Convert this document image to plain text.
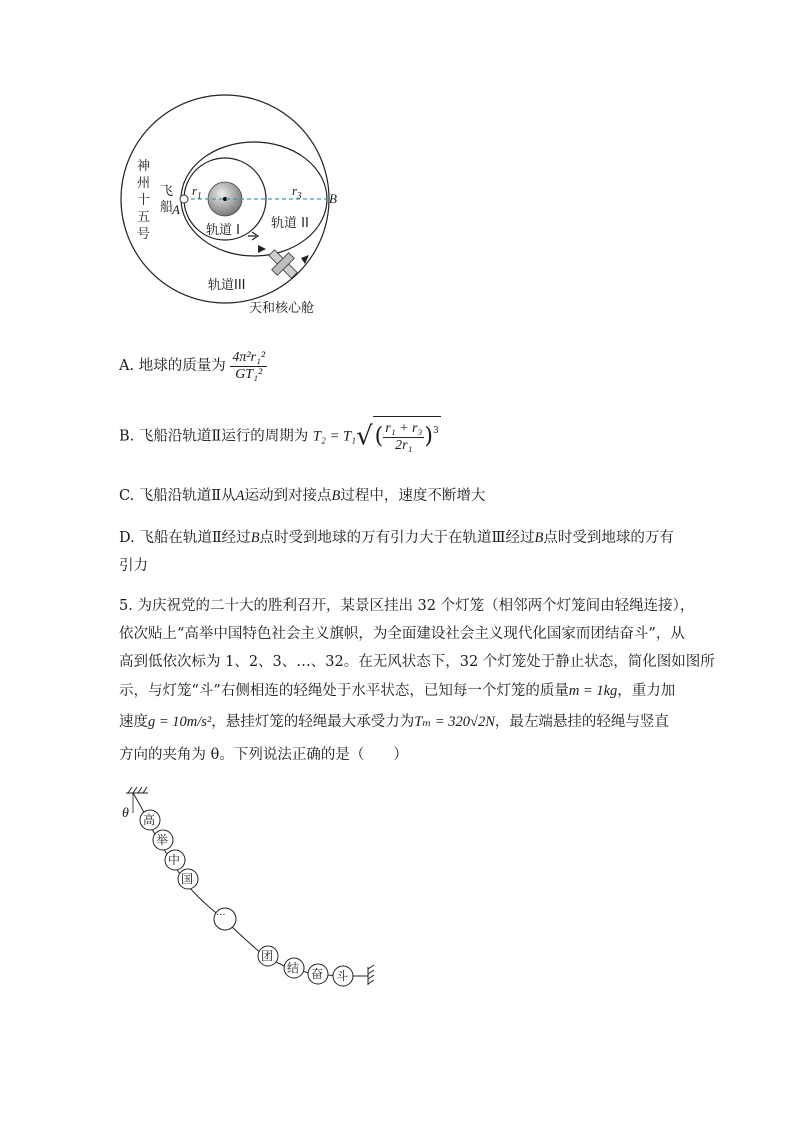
神
州
十
五
号
飞
船
A
B
$r_1$	$r_3$
轨道 I 轨道 II
轨道III
天和核心舱
A. 地球的质量为 $\frac{\text{4π²r₁²}}{\text{GT₁²}}$
B. 飞船沿轨道Ⅱ运行的周期为 $T_2 = T_1√( \frac{\text{r₁ + r₃}}{\text{2r₁}} )^3$
C. 飞船沿轨道Ⅱ从A运动到对接点B过程中，速度不断增大
D. 飞船在轨道Ⅱ经过B点时受到地球的万有引力大于在轨道Ⅲ经过B点时受到地球的万有
引力
5. 为庆祝党的二十大的胜利召开，某景区挂出 32 个灯笼（相邻两个灯笼间由轻绳连接），
依次贴上“高举中国特色社会主义旗帜，为全面建设社会主义现代化国家而团结奋斗”，从
高到低依次标为 1、2、3、…、32。在无风状态下，32 个灯笼处于静止状态，简化图如图所
示，与灯笼“斗”右侧相连的轻绳处于水平状态，已知每一个灯笼的质量m = 1kg，重力加
速度g = 10m/s²，悬挂灯笼的轻绳最大承受力为Tₘ = 320√2N，最左端悬挂的轻绳与竖直
方向的夹角为 θ。下列说法正确的是（　　）
θ 高
举
中
国
···
团
结 奋 斗
